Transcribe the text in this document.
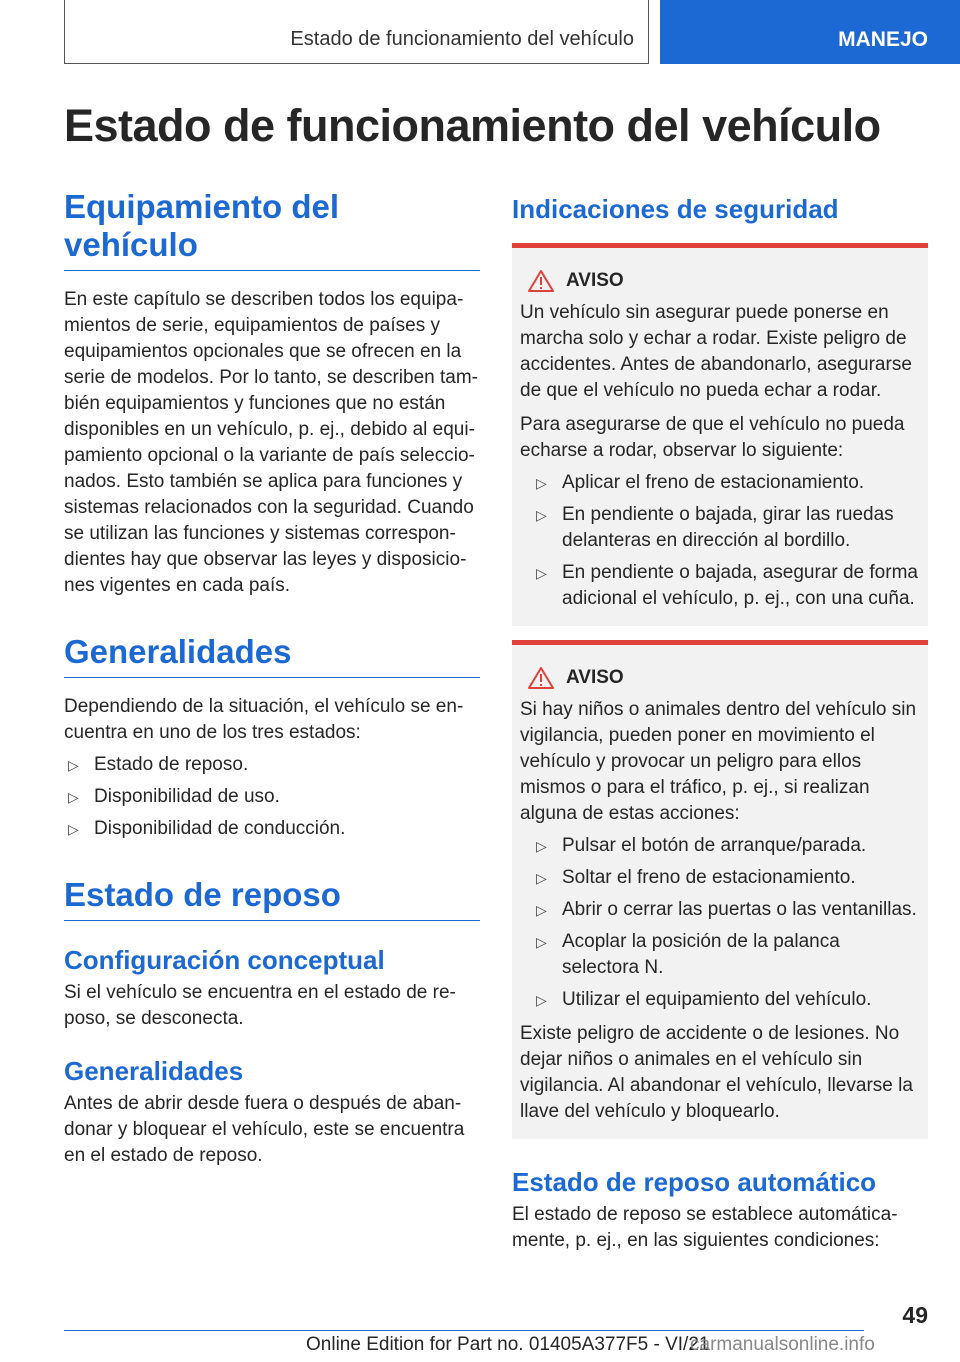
Estado de funcionamiento del vehículo	MANEJO
Estado de funcionamiento del vehículo
Equipamiento del vehículo

En este capítulo se describen todos los equipamientos de serie, equipamientos de países y equipamientos opcionales que se ofrecen en la serie de modelos. Por lo tanto, se describen también equipamientos y funciones que no están disponibles en un vehículo, p. ej., debido al equipamiento opcional o la variante de país seleccionados. Esto también se aplica para funciones y sistemas relacionados con la seguridad. Cuando se utilizan las funciones y sistemas correspondientes hay que observar las leyes y disposiciones vigentes en cada país.

Generalidades

Dependiendo de la situación, el vehículo se encuentra en uno de los tres estados:

▷ Estado de reposo.
▷ Disponibilidad de uso.
▷ Disponibilidad de conducción.
Estado de reposo
Configuración conceptual

Si el vehículo se encuentra en el estado de reposo, se desconecta.

Generalidades

Antes de abrir desde fuera o después de abandonar y bloquear el vehículo, este se encuentra en el estado de reposo.

Indicaciones de seguridad
AVISO

Un vehículo sin asegurar puede ponerse en marcha solo y echar a rodar. Existe peligro de accidentes. Antes de abandonarlo, asegurarse de que el vehículo no pueda echar a rodar.

Para asegurarse de que el vehículo no pueda echarse a rodar, observar lo siguiente:

▷ Aplicar el freno de estacionamiento.
▷ En pendiente o bajada, girar las ruedas delanteras en dirección al bordillo.
▷ En pendiente o bajada, asegurar de forma adicional el vehículo, p. ej., con una cuña.
AVISO

Si hay niños o animales dentro del vehículo sin vigilancia, pueden poner en movimiento el vehículo y provocar un peligro para ellos mismos o para el tráfico, p. ej., si realizan alguna de estas acciones:

▷ Pulsar el botón de arranque/parada.
▷ Soltar el freno de estacionamiento.
▷ Abrir o cerrar las puertas o las ventanillas.
▷ Acoplar la posición de la palanca selectora N.
▷ Utilizar el equipamiento del vehículo.

Existe peligro de accidente o de lesiones. No dejar niños o animales en el vehículo sin vigilancia. Al abandonar el vehículo, llevarse la llave del vehículo y bloquearlo.

Estado de reposo automático

El estado de reposo se establece automáticamente, p. ej., en las siguientes condiciones:

49
Online Edition for Part no. 01405A377F5 - VI/21
carmanualsonline.info
